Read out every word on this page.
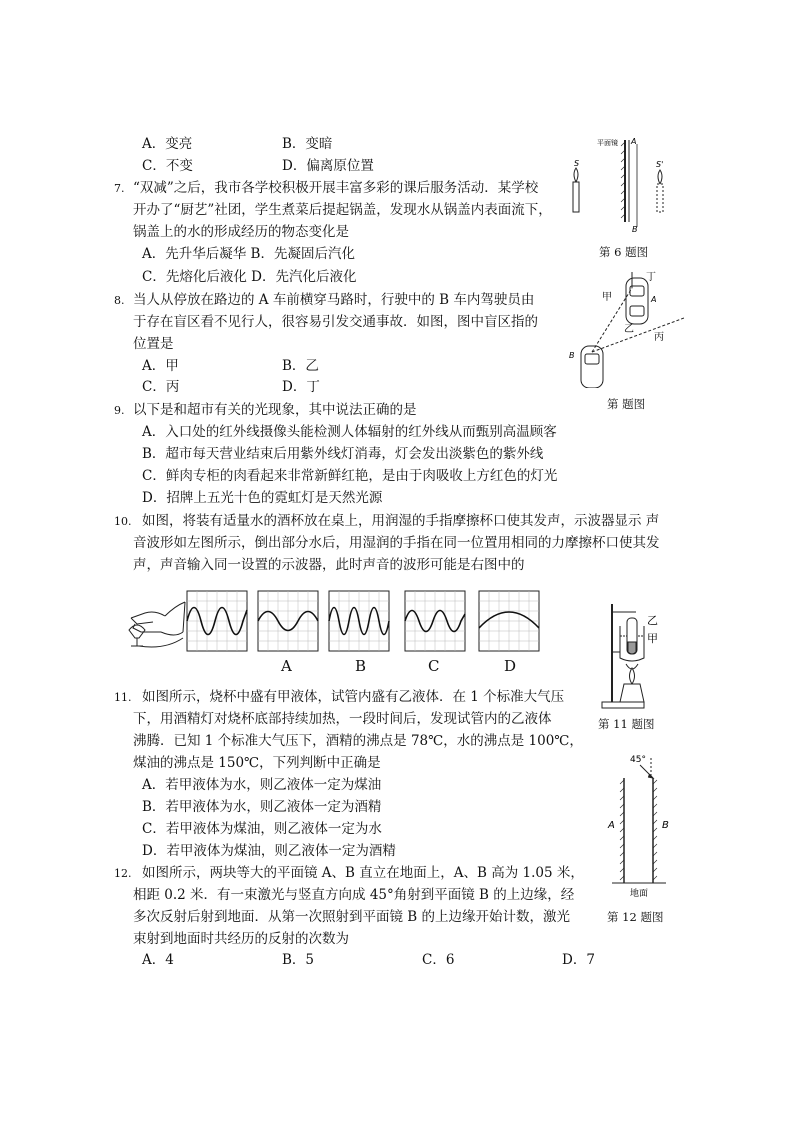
A．变亮	B．变暗
C．不变	D．偏离原位置
7. “双减”之后，我市各学校积极开展丰富多彩的课后服务活动．某学校
开办了“厨艺”社团，学生煮菜后提起锅盖，发现水从锅盖内表面流下，
锅盖上的水的形成经历的物态变化是
A．先升华后凝华 B．先凝固后汽化
C．先熔化后液化 D．先汽化后液化
8. 当人从停放在路边的 A 车前横穿马路时，行驶中的 B 车内驾驶员由
于存在盲区看不见行人，很容易引发交通事故．如图，图中盲区指的
位置是
A．甲	B．乙
C．丙	D．丁
9. 以下是和超市有关的光现象，其中说法正确的是
A．入口处的红外线摄像头能检测人体辐射的红外线从而甄别高温顾客
B．超市每天营业结束后用紫外线灯消毒，灯会发出淡紫色的紫外线
C．鲜肉专柜的肉看起来非常新鲜红艳，是由于肉吸收上方红色的灯光
D．招牌上五光十色的霓虹灯是天然光源
10. 如图，将装有适量水的酒杯放在桌上，用润湿的手指摩擦杯口使其发声，示波器显示 声
音波形如左图所示，倒出部分水后，用湿润的手指在同一位置用相同的力摩擦杯口使其发
声，声音输入同一设置的示波器，此时声音的波形可能是右图中的
A	B	C	D
11. 如图所示，烧杯中盛有甲液体，试管内盛有乙液体．在 1 个标准大气压
下，用酒精灯对烧杯底部持续加热，一段时间后，发现试管内的乙液体
沸腾．已知 1 个标准大气压下，酒精的沸点是 78℃，水的沸点是 100℃，
煤油的沸点是 150℃，下列判断中正确是
A．若甲液体为水，则乙液体一定为煤油
B．若甲液体为水，则乙液体一定为酒精
C．若甲液体为煤油，则乙液体一定为水
D．若甲液体为煤油，则乙液体一定为酒精
12. 如图所示，两块等大的平面镜 A、B 直立在地面上，A、B 高为 1.05 米，
相距 0.2 米．有一束激光与竖直方向成 45°角射到平面镜 B 的上边缘，经
多次反射后射到地面．从第一次照射到平面镜 B 的上边缘开始计数，激光
束射到地面时共经历的反射的次数为
A．4	B．5	C．6	D．7
平面镜 A
B
S	S'
第 6 题图
甲
乙
丙
丁
A
B
第 题图
乙
甲
第 11 题图
45°
A	B
地面
第 12 题图
